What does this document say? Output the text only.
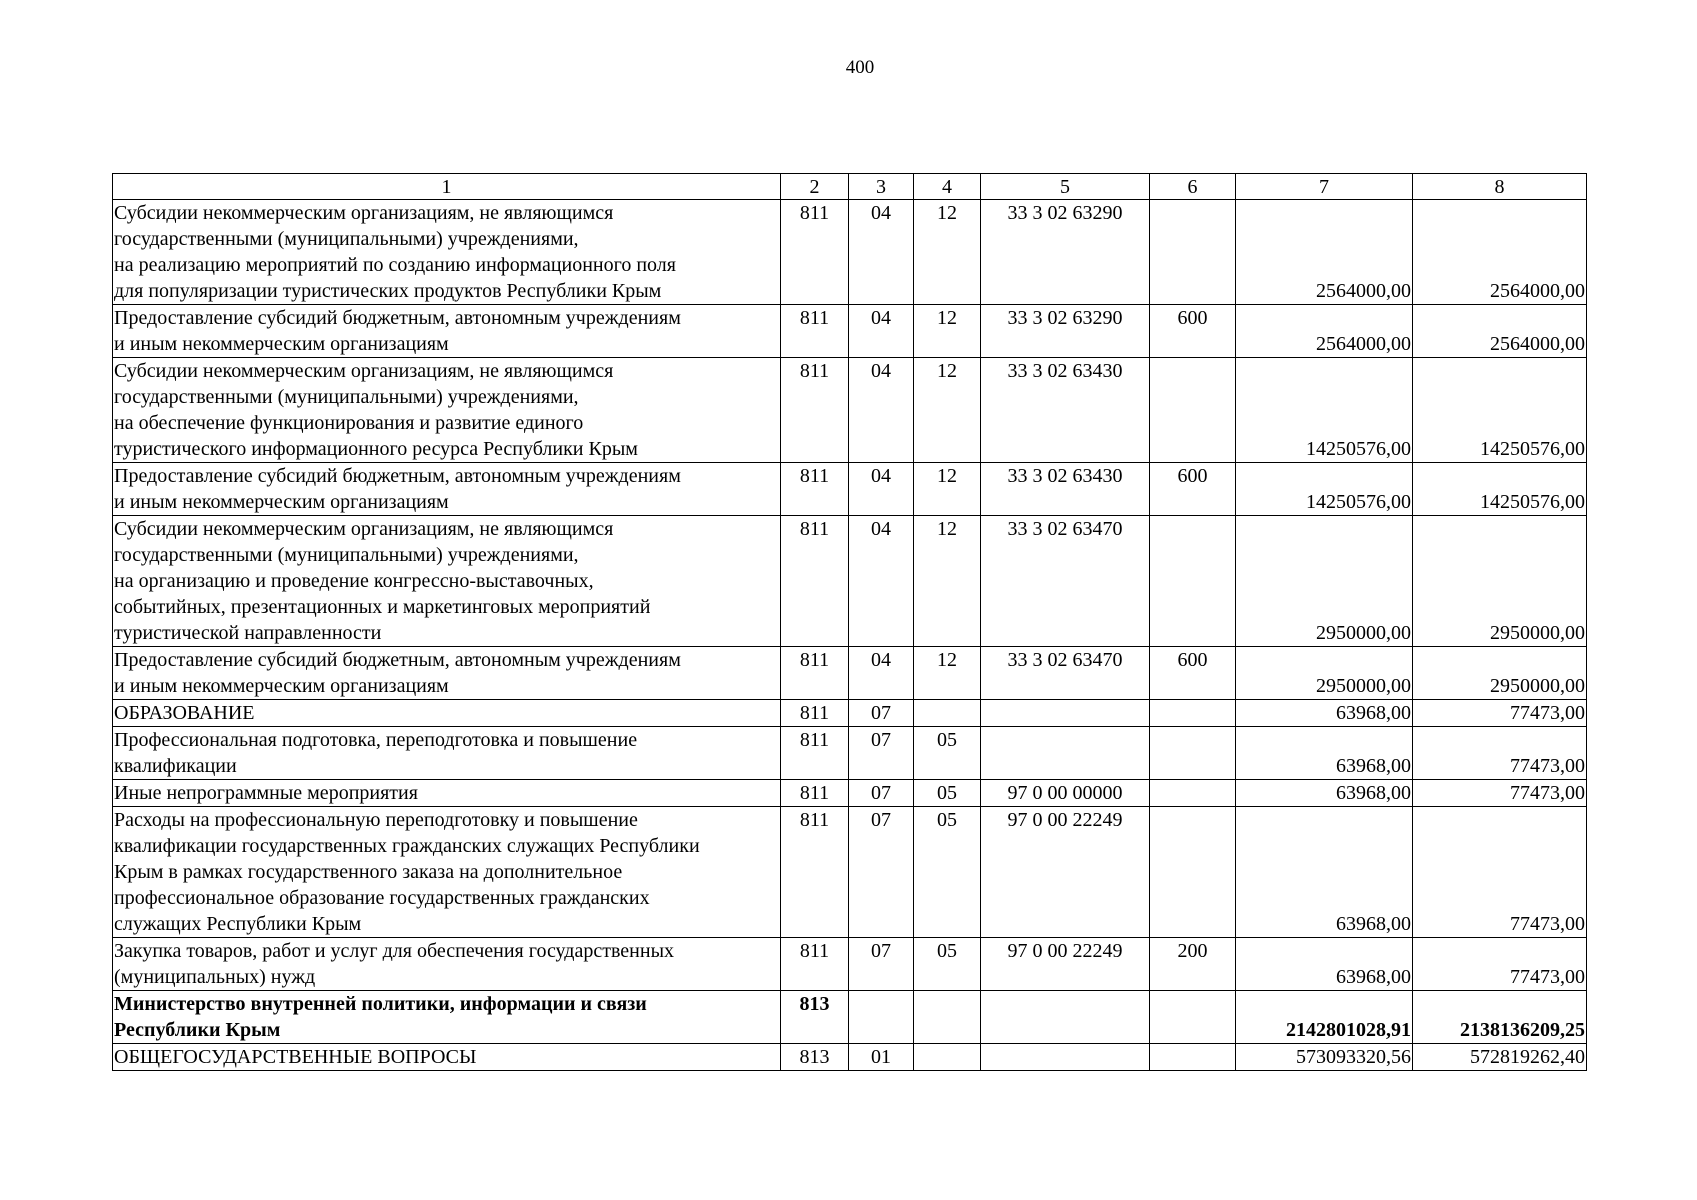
400
1	2	3	4	5	6	7	8

Субсидии некоммерческим организациям, не являющимся
государственными (муниципальными) учреждениями,
на реализацию мероприятий по созданию информационного поля
для популяризации туристических продуктов Республики Крым	811	04	12	33 3 02 63290		2564000,00	2564000,00

Предоставление субсидий бюджетным, автономным учреждениям
и иным некоммерческим организациям	811	04	12	33 3 02 63290	600	2564000,00	2564000,00

Субсидии некоммерческим организациям, не являющимся
государственными (муниципальными) учреждениями,
на обеспечение функционирования и развитие единого
туристического информационного ресурса Республики Крым	811	04	12	33 3 02 63430		14250576,00	14250576,00

Предоставление субсидий бюджетным, автономным учреждениям
и иным некоммерческим организациям	811	04	12	33 3 02 63430	600	14250576,00	14250576,00

Субсидии некоммерческим организациям, не являющимся
государственными (муниципальными) учреждениями,
на организацию и проведение конгрессно-выставочных,
событийных, презентационных и маркетинговых мероприятий
туристической направленности	811	04	12	33 3 02 63470		2950000,00	2950000,00

Предоставление субсидий бюджетным, автономным учреждениям
и иным некоммерческим организациям	811	04	12	33 3 02 63470	600	2950000,00	2950000,00

ОБРАЗОВАНИЕ	811	07				63968,00	77473,00

Профессиональная подготовка, переподготовка и повышение
квалификации	811	07	05			63968,00	77473,00

Иные непрограммные мероприятия	811	07	05	97 0 00 00000		63968,00	77473,00

Расходы на профессиональную переподготовку и повышение
квалификации государственных гражданских служащих Республики
Крым в рамках государственного заказа на дополнительное
профессиональное образование государственных гражданских
служащих Республики Крым	811	07	05	97 0 00 22249		63968,00	77473,00

Закупка товаров, работ и услуг для обеспечения государственных
(муниципальных) нужд	811	07	05	97 0 00 22249	200	63968,00	77473,00

Министерство внутренней политики, информации и связи
Республики Крым	813					2142801028,91	2138136209,25

ОБЩЕГОСУДАРСТВЕННЫЕ ВОПРОСЫ	813	01				573093320,56	572819262,40
